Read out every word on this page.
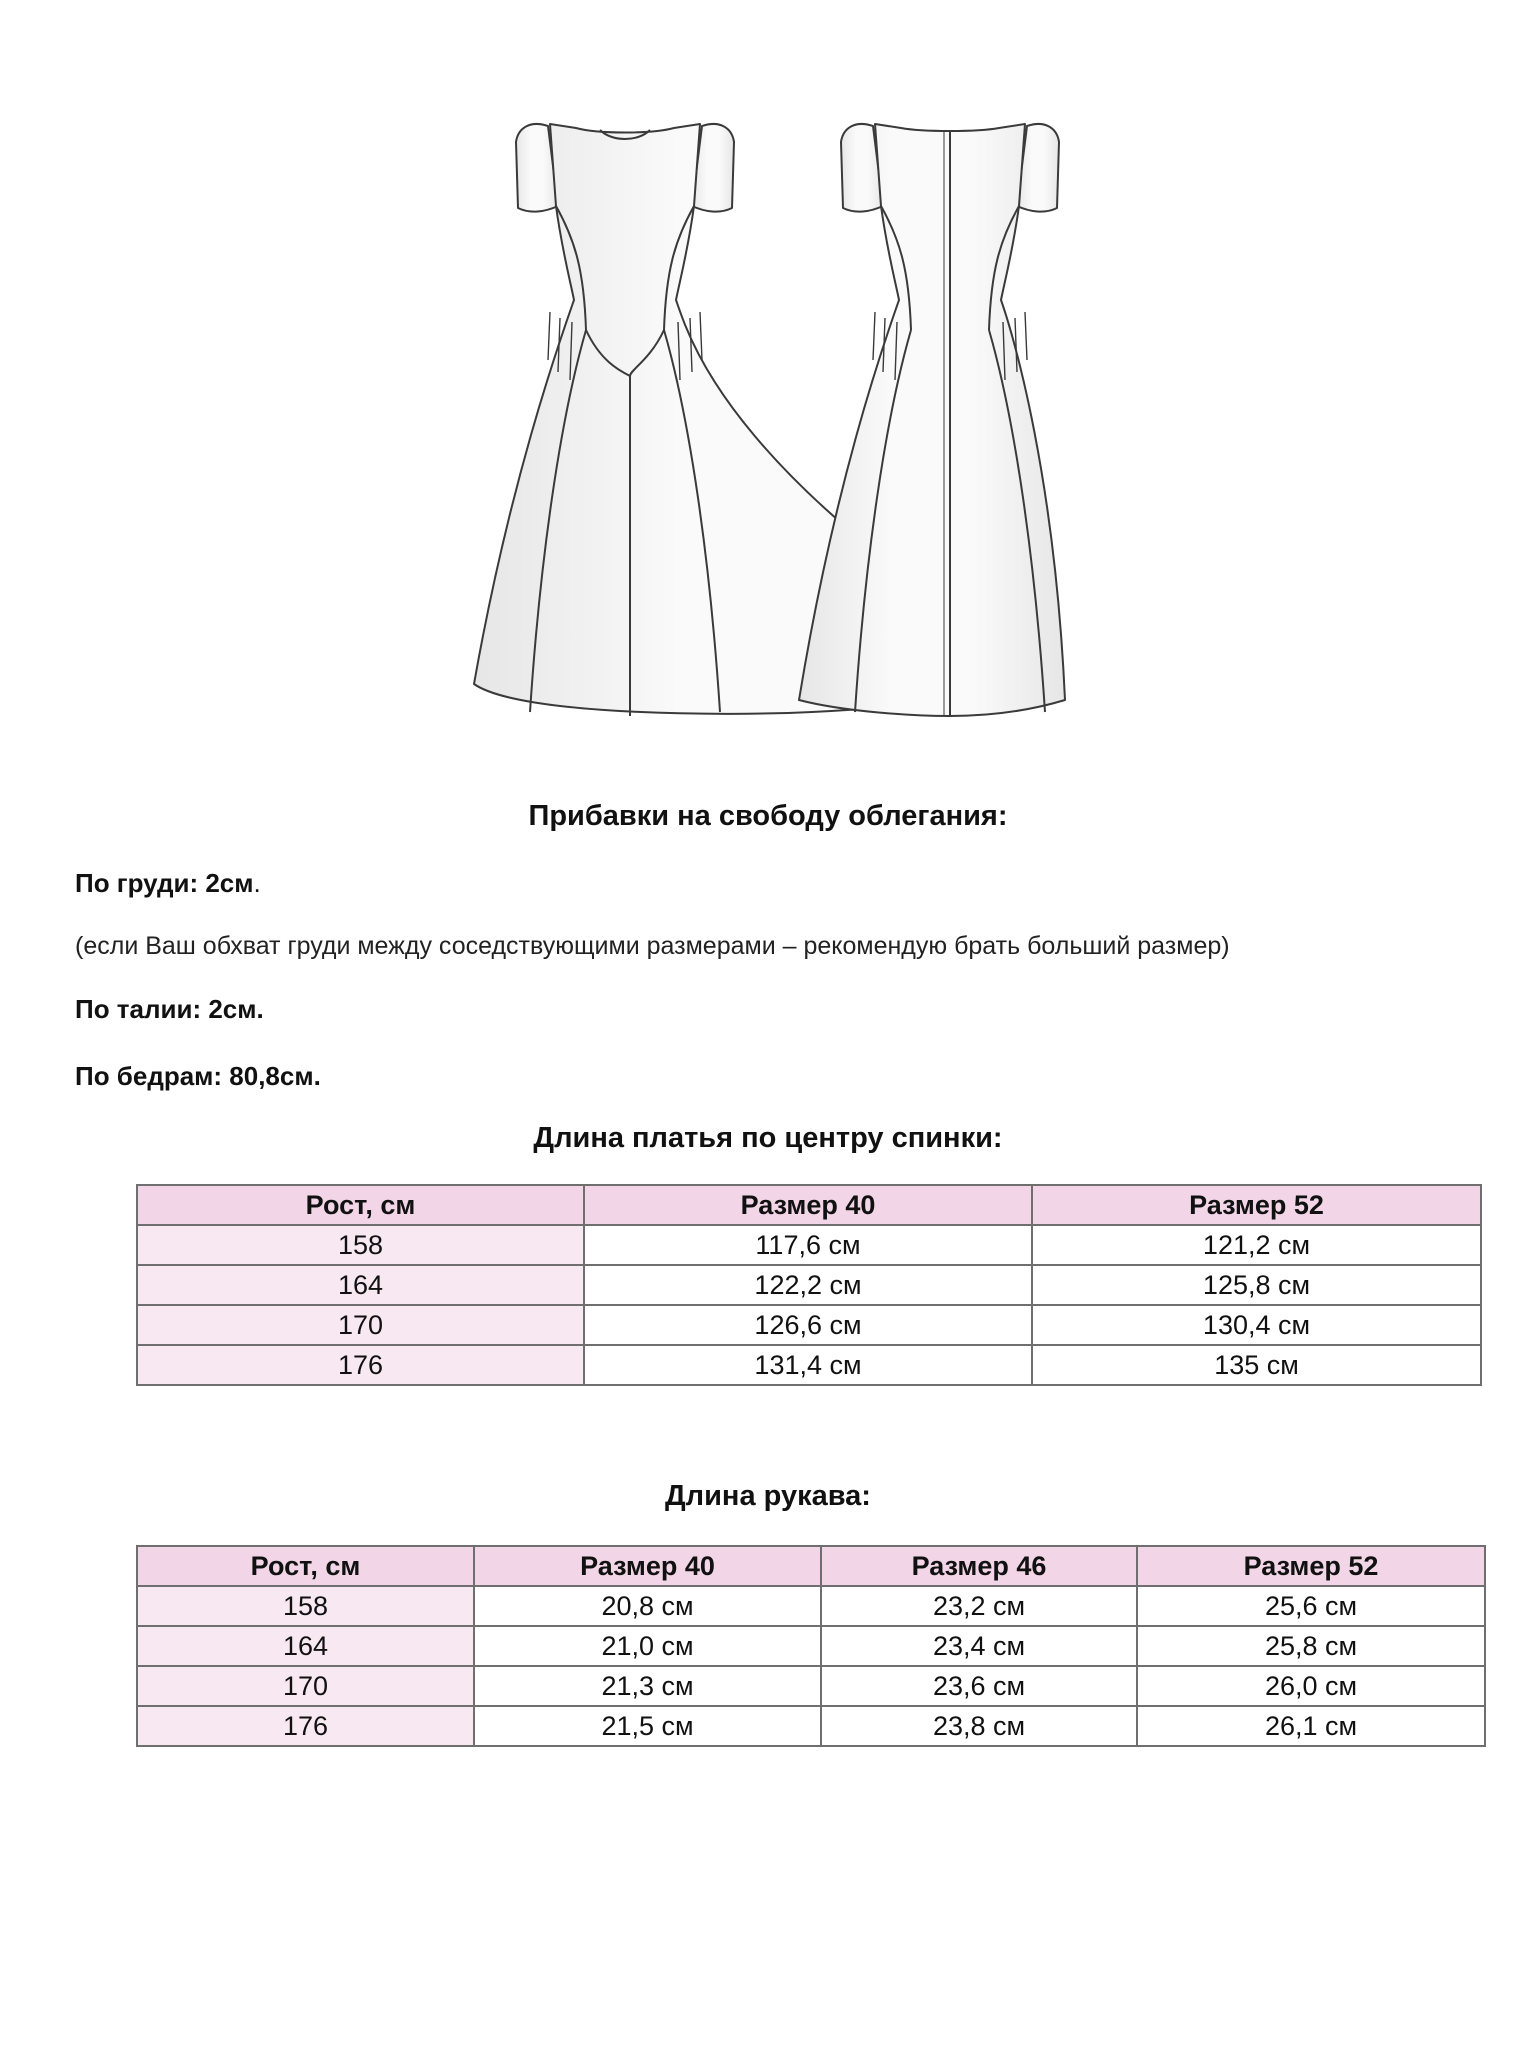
Прибавки на свободу облегания:
По груди: 2см.
(если Ваш обхват груди между соседствующими размерами – рекомендую брать больший размер)
По талии: 2см.
По бедрам: 80,8см.
Длина платья по центру спинки:
Рост, см	Размер 40	Размер 52
158	117,6 см	121,2 см
164	122,2 см	125,8 см
170	126,6 см	130,4 см
176	131,4 см	135 см
Длина рукава:
Рост, см	Размер 40	Размер 46	Размер 52
158	20,8 см	23,2 см	25,6 см
164	21,0 см	23,4 см	25,8 см
170	21,3 см	23,6 см	26,0 см
176	21,5 см	23,8 см	26,1 см
